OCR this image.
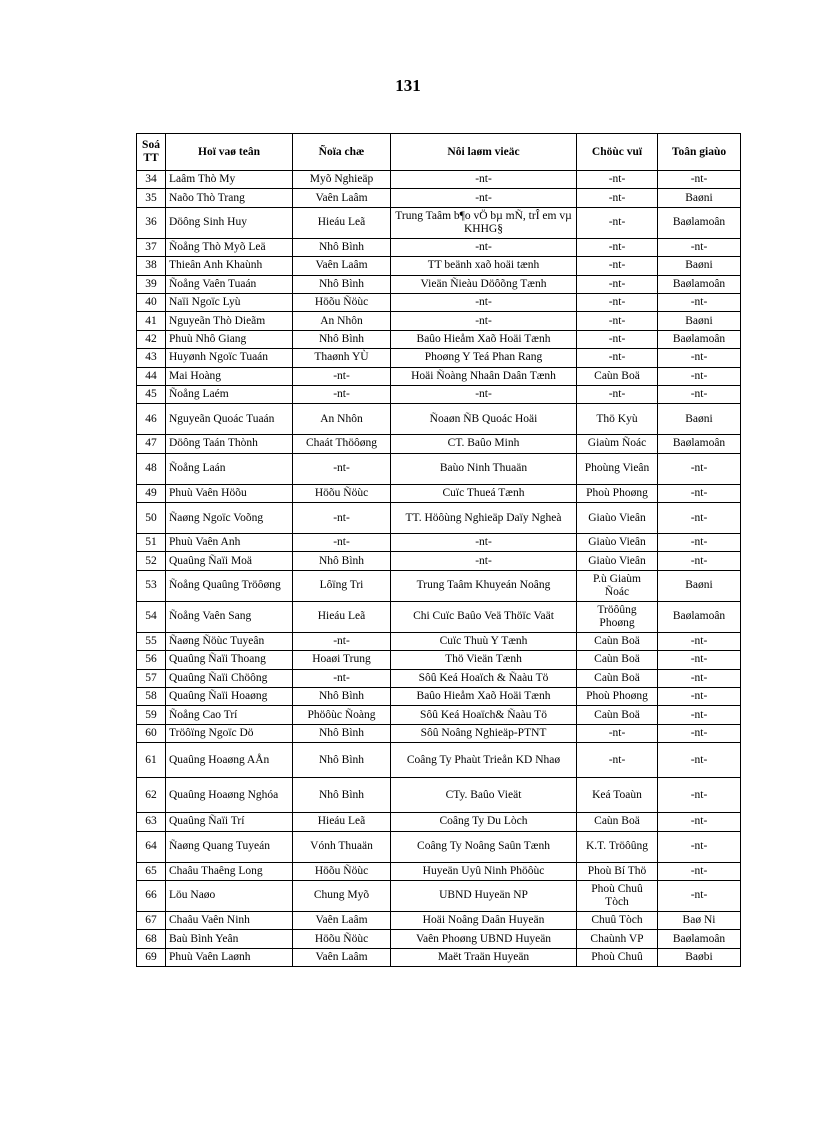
131
Soá TT	Hoï vaø teân	Ñoïa chæ	Nôi laøm vieäc	Chöùc vuï	Toân giaùo
34	Laâm Thò My	Myõ Nghieäp	-nt-	-nt-	-nt-
35	Naõo Thò Trang	Vaên Laâm	-nt-	-nt-	Baøni
36	Döông Sinh Huy	Hieáu Leã	Trung Taâm b¶o vÖ bµ mÑ, trÎ em vµ KHHG§	-nt-	Baølamoân
37	Ñoång Thò Myõ Leä	Nhô Bình	-nt-	-nt-	-nt-
38	Thieân Anh Khaùnh	Vaên Laâm	TT beänh xaõ hoäi tænh	-nt-	Baøni
39	Ñoång Vaên Tuaán	Nhô Bình	Vieän Ñieàu Döôõng Tænh	-nt-	Baølamoân
40	Naïi Ngoïc Lyù	Höõu Ñöùc	-nt-	-nt-	-nt-
41	Nguyeãn Thò Dieãm	An Nhôn	-nt-	-nt-	Baøni
42	Phuù Nhô Giang	Nhô Bình	Baûo Hieåm Xaõ Hoäi Tænh	-nt-	Baølamoân
43	Huyønh Ngoïc Tuaán	Thaønh YÙ	Phoøng Y Teá Phan Rang	-nt-	-nt-
44	Mai Hoàng	-nt-	Hoäi Ñoàng Nhaân Daân Tænh	Caùn Boä	-nt-
45	Ñoång Laém	-nt-	-nt-	-nt-	-nt-
46	Nguyeãn Quoác Tuaán	An Nhôn	Ñoaøn ÑB Quoác Hoäi	Thö Kyù	Baøni
47	Döông Taán Thònh	Chaát Thöôøng	CT. Baûo Minh	Giaùm Ñoác	Baølamoân
48	Ñoång Laán	-nt-	Baùo Ninh Thuaän	Phoùng Vieân	-nt-
49	Phuù Vaên Höõu	Höõu Ñöùc	Cuïc Thueá Tænh	Phoù Phoøng	-nt-
50	Ñaøng Ngoïc Voõng	-nt-	TT. Höôùng Nghieäp Daïy Ngheà	Giaùo Vieân	-nt-
51	Phuù Vaên Anh	-nt-	-nt-	Giaùo Vieân	-nt-
52	Quaûng Ñaïi Moä	Nhô Bình	-nt-	Giaùo Vieân	-nt-
53	Ñoång Quaûng Tröôøng	Lôïng Tri	Trung Taâm Khuyeán Noâng	P.ù Giaùm Ñoác	Baøni
54	Ñoång Vaên Sang	Hieáu Leã	Chi Cuïc Baûo Veä Thöïc Vaät	Tröôûng Phoøng	Baølamoân
55	Ñaøng Ñöùc Tuyeân	-nt-	Cuïc Thuù Y Tænh	Caùn Boä	-nt-
56	Quaûng Ñaïi Thoang	Hoaøi Trung	Thö Vieän Tænh	Caùn Boä	-nt-
57	Quaûng Ñaïi Chöông	-nt-	Sôû Keá Hoaïch & Ñaàu Tö	Caùn Boä	-nt-
58	Quaûng Ñaïi Hoaøng	Nhô Bình	Baûo Hieåm Xaõ Hoäi Tænh	Phoù Phoøng	-nt-
59	Ñoång Cao Trí	Phöôùc Ñoàng	Sôû Keá Hoaïch& Ñaàu Tö	Caùn Boä	-nt-
60	Tröôïng Ngoïc Dö	Nhô Bình	Sôû Noâng Nghieäp-PTNT	-nt-	-nt-
61	Quaûng Hoaøng AÅn	Nhô Bình	Coâng Ty Phaùt Trieån KD Nhaø	-nt-	-nt-
62	Quaûng Hoaøng Nghóa	Nhô Bình	CTy. Baûo Vieät	Keá Toaùn	-nt-
63	Quaûng Ñaïi Trí	Hieáu Leã	Coâng Ty Du Lòch	Caùn Boä	-nt-
64	Ñaøng Quang Tuyeán	Vónh Thuaän	Coâng Ty Noâng Saûn Tænh	K.T. Tröôûng	-nt-
65	Chaâu Thaêng Long	Höõu Ñöùc	Huyeän Uyû Ninh Phöôùc	Phoù Bí Thö	-nt-
66	Löu Naøo	Chung Myõ	UBND Huyeän NP	Phoù Chuû Tòch	-nt-
67	Chaâu Vaên Ninh	Vaên Laâm	Hoäi Noâng Daân Huyeän	Chuû Tòch	Baø Ni
68	Baù Bình Yeân	Höõu Ñöùc	Vaên Phoøng UBND Huyeän	Chaùnh VP	Baølamoân
69	Phuù Vaên Laønh	Vaên Laâm	Maët Traän Huyeän	Phoù Chuû	Baøbi
